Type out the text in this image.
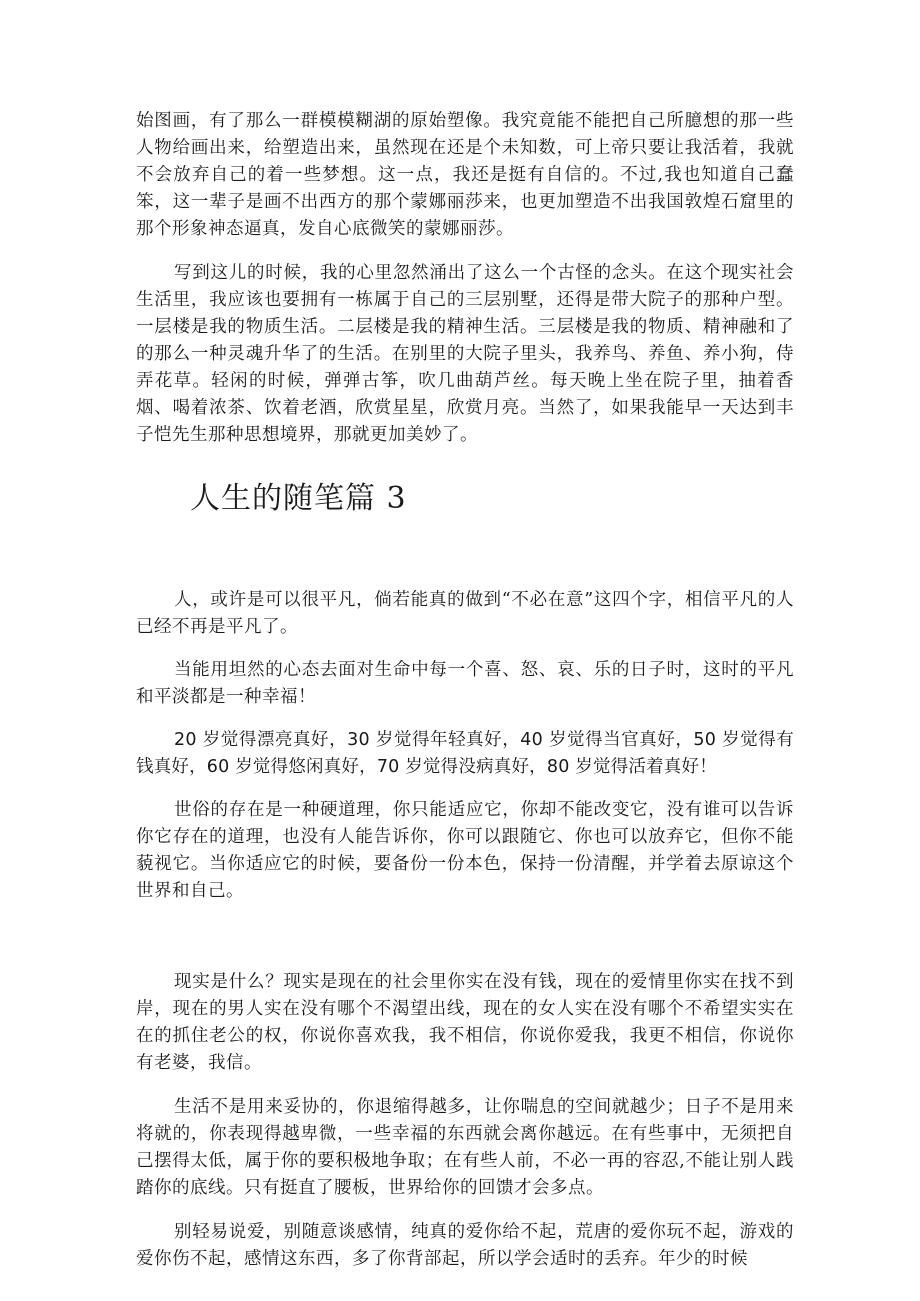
始图画，有了那么一群模模糊湖的原始塑像。我究竟能不能把自己所臆想的那一些人物给画出来，给塑造出来，虽然现在还是个未知数，可上帝只要让我活着，我就不会放弃自己的着一些梦想。这一点，我还是挺有自信的。不过,我也知道自己蠢笨，这一辈子是画不出西方的那个蒙娜丽莎来，也更加塑造不出我国敦煌石窟里的那个形象神态逼真，发自心底微笑的蒙娜丽莎。

写到这儿的时候，我的心里忽然涌出了这么一个古怪的念头。在这个现实社会生活里，我应该也要拥有一栋属于自己的三层别墅，还得是带大院子的那种户型。一层楼是我的物质生活。二层楼是我的精神生活。三层楼是我的物质、精神融和了的那么一种灵魂升华了的生活。在别里的大院子里头，我养鸟、养鱼、养小狗，侍弄花草。轻闲的时候，弹弹古筝，吹几曲葫芦丝。每天晚上坐在院子里，抽着香烟、喝着浓茶、饮着老酒，欣赏星星，欣赏月亮。当然了，如果我能早一天达到丰子恺先生那种思想境界，那就更加美妙了。

人生的随笔篇 3

人，或许是可以很平凡，倘若能真的做到“不必在意”这四个字，相信平凡的人已经不再是平凡了。

当能用坦然的心态去面对生命中每一个喜、怒、哀、乐的日子时，这时的平凡和平淡都是一种幸福！

20 岁觉得漂亮真好，30 岁觉得年轻真好，40 岁觉得当官真好，50 岁觉得有钱真好，60 岁觉得悠闲真好，70 岁觉得没病真好，80 岁觉得活着真好！

世俗的存在是一种硬道理，你只能适应它，你却不能改变它，没有谁可以告诉你它存在的道理，也没有人能告诉你，你可以跟随它、你也可以放弃它，但你不能藐视它。当你适应它的时候，要备份一份本色，保持一份清醒，并学着去原谅这个世界和自己。

现实是什么？现实是现在的社会里你实在没有钱，现在的爱情里你实在找不到岸，现在的男人实在没有哪个不渴望出线，现在的女人实在没有哪个不希望实实在在的抓住老公的权，你说你喜欢我，我不相信，你说你爱我，我更不相信，你说你有老婆，我信。

生活不是用来妥协的，你退缩得越多，让你喘息的空间就越少；日子不是用来将就的，你表现得越卑微，一些幸福的东西就会离你越远。在有些事中，无须把自己摆得太低，属于你的要积极地争取；在有些人前，不必一再的容忍,不能让别人践踏你的底线。只有挺直了腰板，世界给你的回馈才会多点。

别轻易说爱，别随意谈感情，纯真的爱你给不起，荒唐的爱你玩不起，游戏的爱你伤不起，感情这东西，多了你背部起，所以学会适时的丢弃。年少的时候
